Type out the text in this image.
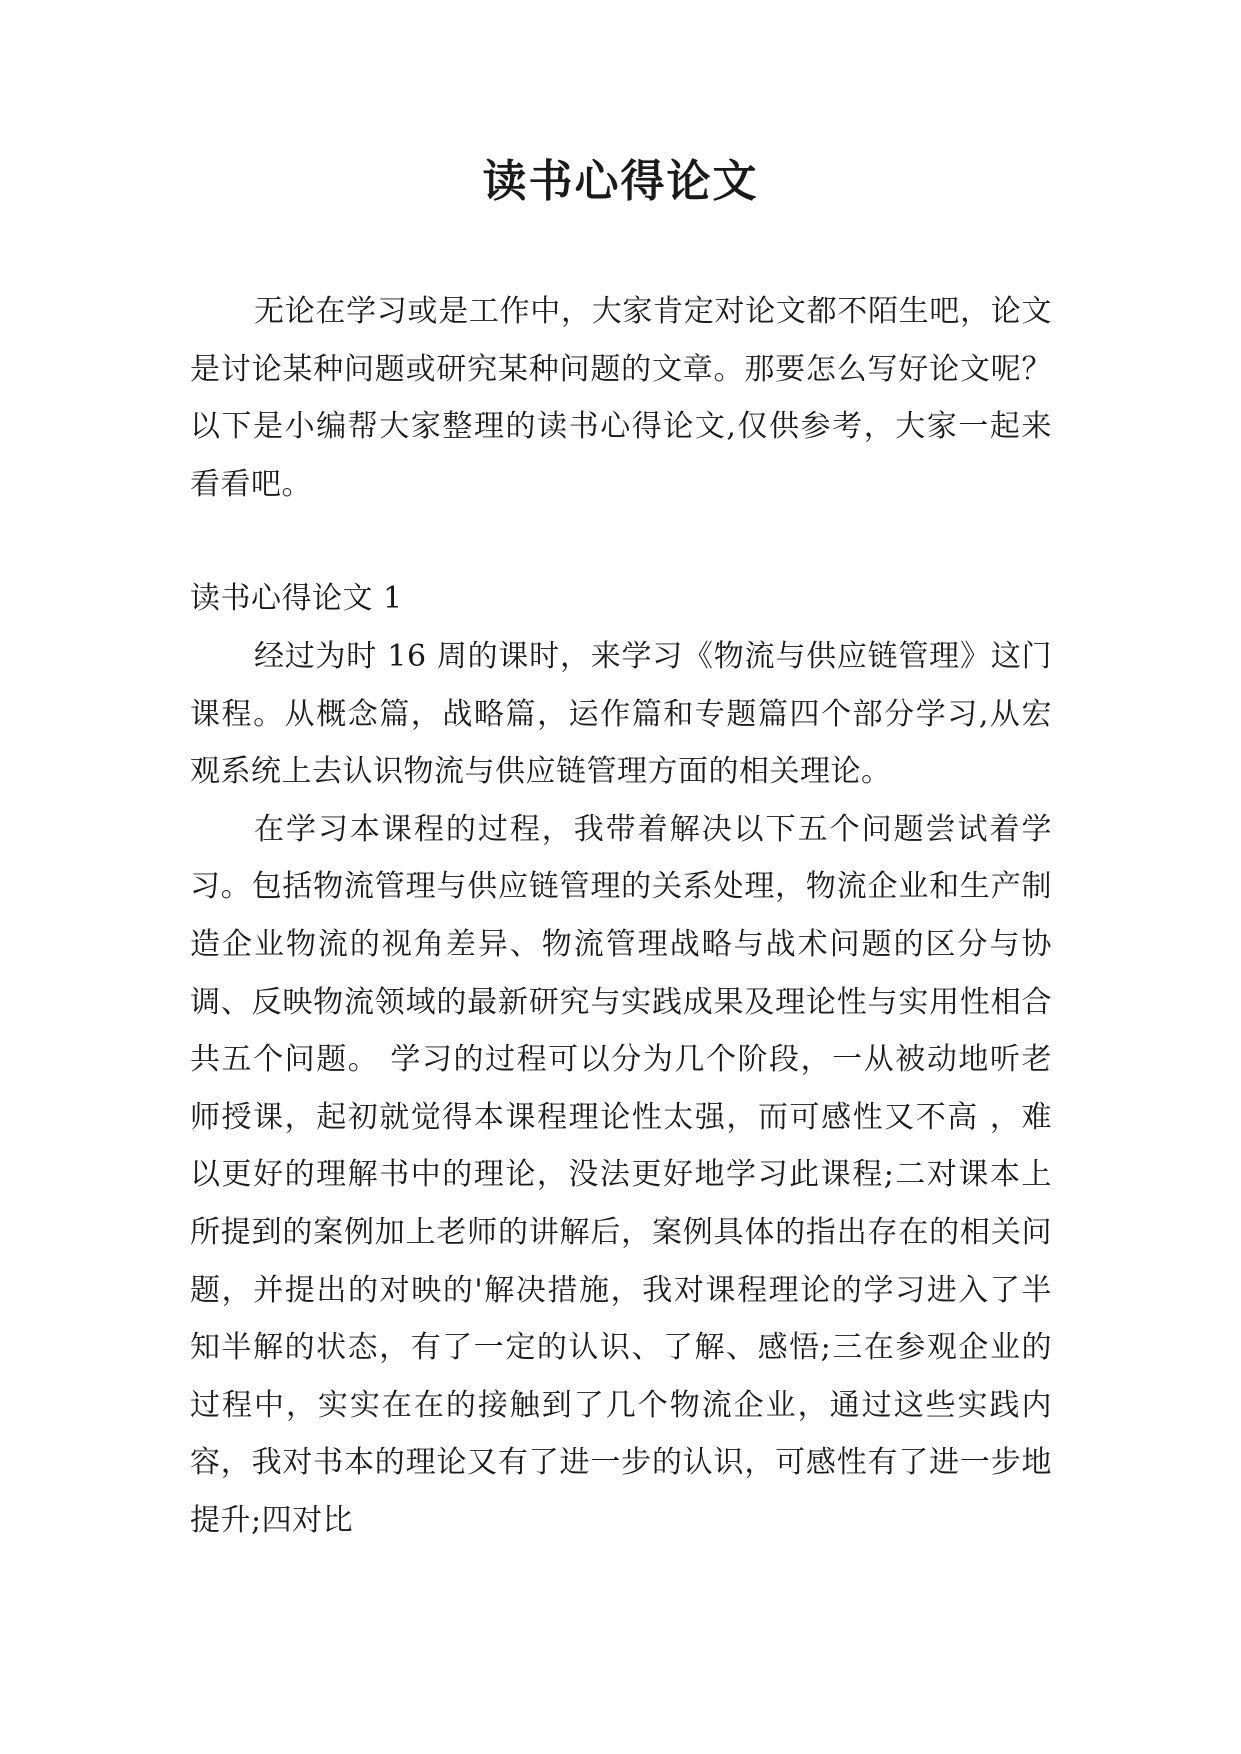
读书心得论文

无论在学习或是工作中，大家肯定对论文都不陌生吧，论文是讨论某种问题或研究某种问题的文章。那要怎么写好论文呢？以下是小编帮大家整理的读书心得论文,仅供参考，大家一起来看看吧。

读书心得论文 1

经过为时 16 周的课时，来学习《物流与供应链管理》这门课程。从概念篇，战略篇，运作篇和专题篇四个部分学习,从宏观系统上去认识物流与供应链管理方面的相关理论。

在学习本课程的过程，我带着解决以下五个问题尝试着学习。包括物流管理与供应链管理的关系处理，物流企业和生产制造企业物流的视角差异、物流管理战略与战术问题的区分与协调、反映物流领域的最新研究与实践成果及理论性与实用性相合共五个问题。 学习的过程可以分为几个阶段，一从被动地听老师授课，起初就觉得本课程理论性太强，而可感性又不高 ，难以更好的理解书中的理论，没法更好地学习此课程;二对课本上所提到的案例加上老师的讲解后，案例具体的指出存在的相关问题，并提出的对映的'解决措施，我对课程理论的学习进入了半知半解的状态，有了一定的认识、了解、感悟;三在参观企业的过程中，实实在在的接触到了几个物流企业，通过这些实践内容，我对书本的理论又有了进一步的认识，可感性有了进一步地提升;四对比
